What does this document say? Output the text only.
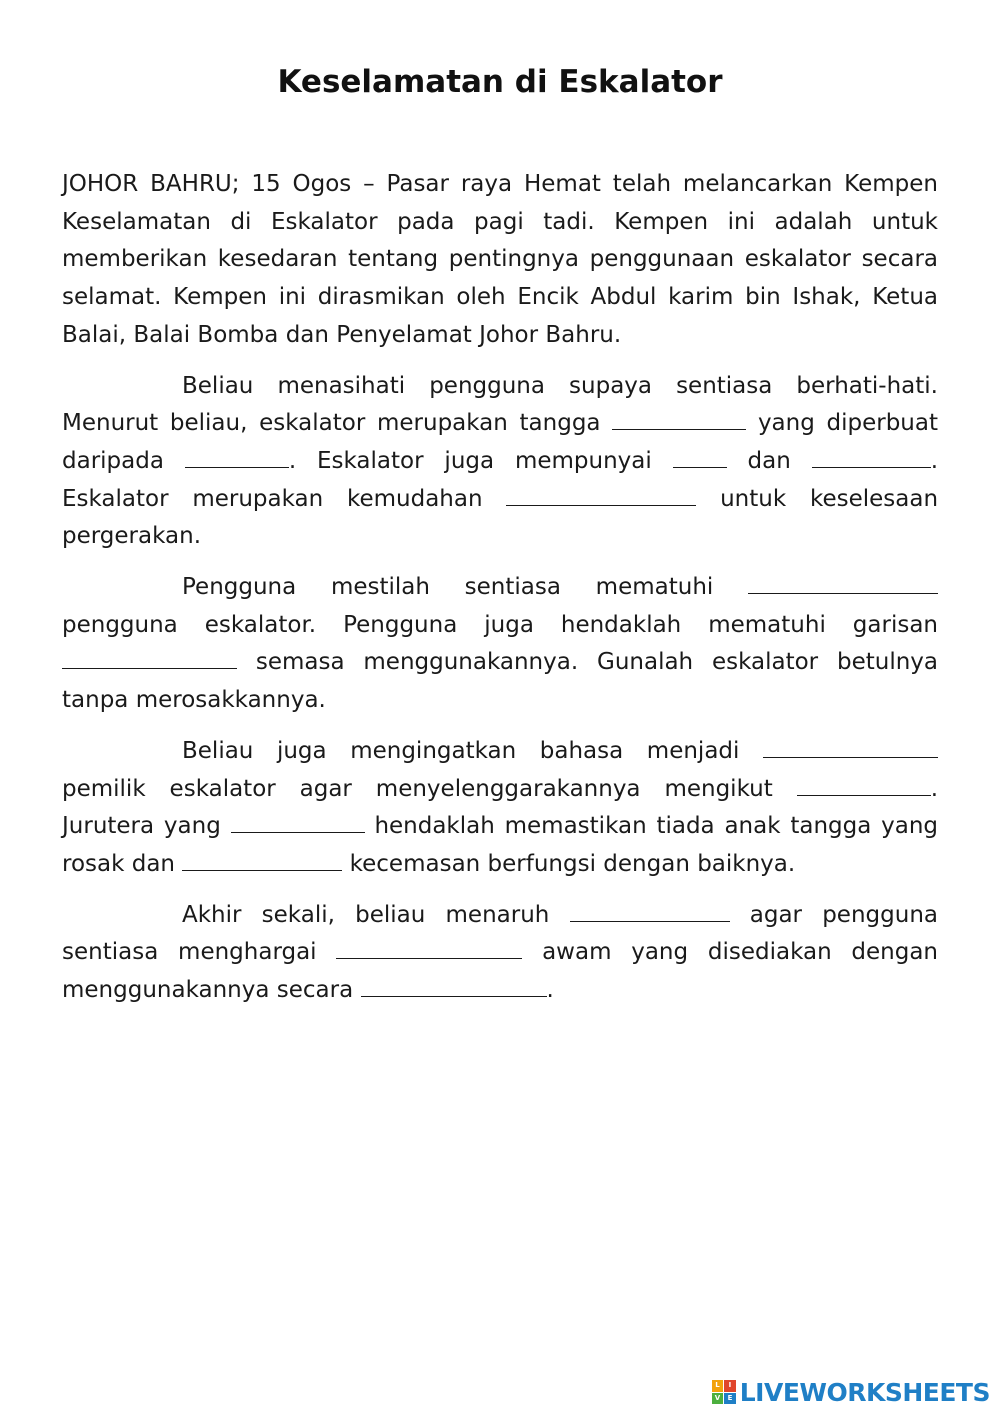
Keselamatan di Eskalator

JOHOR BAHRU; 15 Ogos – Pasar raya Hemat telah melancarkan Kempen Keselamatan di Eskalator pada pagi tadi. Kempen ini adalah untuk memberikan kesedaran tentang pentingnya penggunaan eskalator secara selamat. Kempen ini dirasmikan oleh Encik Abdul karim bin Ishak, Ketua Balai, Balai Bomba dan Penyelamat Johor Bahru.

Beliau menasihati pengguna supaya sentiasa berhati-hati. Menurut beliau, eskalator merupakan tangga	yang diperbuat daripada	. Eskalator juga mempunyai	dan	. Eskalator merupakan kemudahan	untuk keselesaan pergerakan.

Pengguna mestilah sentiasa mematuhi  pengguna eskalator. Pengguna juga hendaklah mematuhi garisan  semasa menggunakannya. Gunalah eskalator betulnya tanpa merosakkannya.

Beliau juga mengingatkan bahasa menjadi  pemilik eskalator agar menyelenggarakannya mengikut	. Jurutera yang	hendaklah memastikan tiada anak tangga yang rosak dan	kecemasan berfungsi dengan baiknya.

Akhir sekali, beliau menaruh	agar pengguna sentiasa menghargai	awam yang disediakan dengan menggunakannya secara	.

L	I
V	E LIVEWORKSHEETS
